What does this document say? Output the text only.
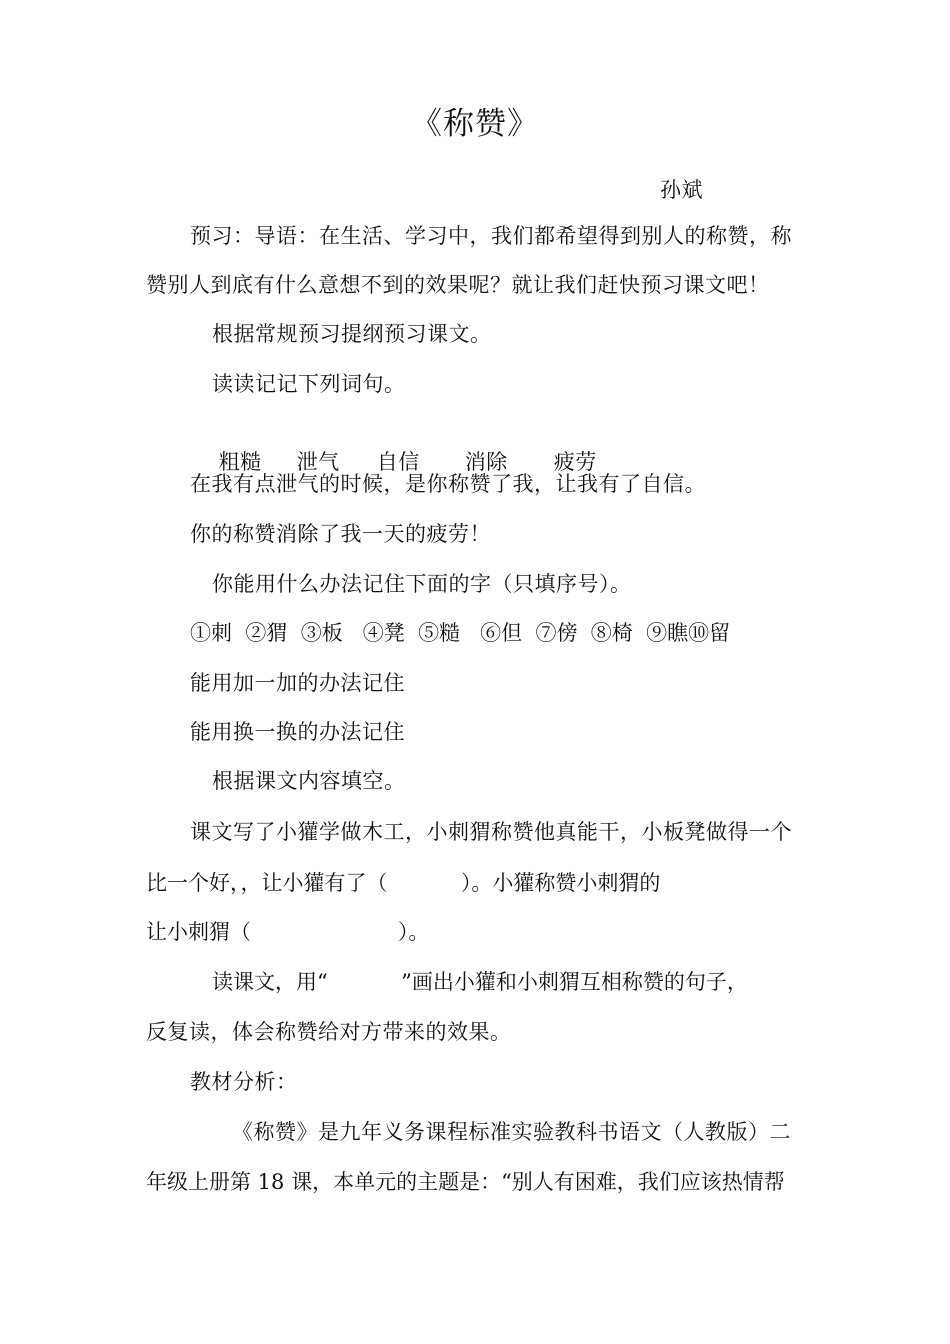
《称赞》
孙斌
预习：导语：在生活、学习中，我们都希望得到别人的称赞，称
赞别人到底有什么意想不到的效果呢？就让我们赶快预习课文吧！
根据常规预习提纲预习课文。
读读记记下列词句。

粗糙 泄气 自信 消除 疲劳

在我有点泄气的时候，是你称赞了我，让我有了自信。
你的称赞消除了我一天的疲劳！
你能用什么办法记住下面的字（只填序号）。
①刺  ②猬  ③板   ④凳  ⑤糙   ⑥但  ⑦傍  ⑧椅  ⑨瞧⑩留
能用加一加的办法记住
能用换一换的办法记住
根据课文内容填空。
课文写了小獾学做木工，小刺猬称赞他真能干，小板凳做得一个
比一个好，，让小獾有了（           ）。小獾称赞小刺猬的
让小刺猬（                      ）。
读课文，用“           ”画出小獾和小刺猬互相称赞的句子，
反复读，体会称赞给对方带来的效果。
教材分析：
《称赞》是九年义务课程标准实验教科书语文（人教版）二
年级上册第 18 课，本单元的主题是：“别人有困难，我们应该热情帮
